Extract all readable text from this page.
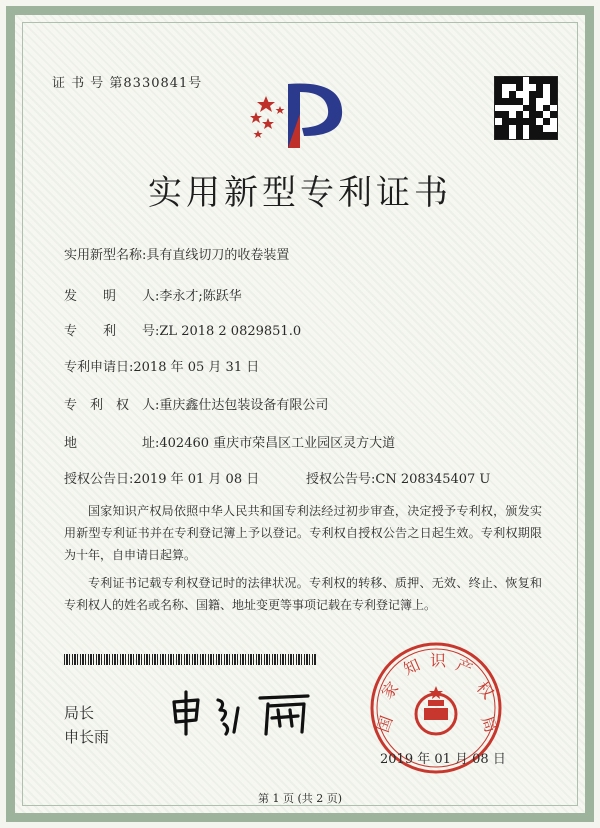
证 书 号 第8330841号
实用新型专利证书
实用新型名称:具有直线切刀的收卷装置
发　　明　　人:李永才;陈跃华
专　　利　　号:ZL 2018 2 0829851.0
专利申请日:2018 年 05 月 31 日
专　利　权　人:重庆鑫仕达包装设备有限公司
地　　　　　址:402460 重庆市荣昌区工业园区灵方大道
授权公告日:2019 年 01 月 08 日	授权公告号:CN 208345407 U

国家知识产权局依照中华人民共和国专利法经过初步审查，决定授予专利权，颁发实用新型专利证书并在专利登记簿上予以登记。专利权自授权公告之日起生效。专利权期限为十年，自申请日起算。

专利证书记载专利权登记时的法律状况。专利权的转移、质押、无效、终止、恢复和专利权人的姓名或名称、国籍、地址变更等事项记载在专利登记簿上。

局长
申长雨
国
家
知 识 产
权
局
2019 年 01 月 08 日
第 1 页 (共 2 页)
